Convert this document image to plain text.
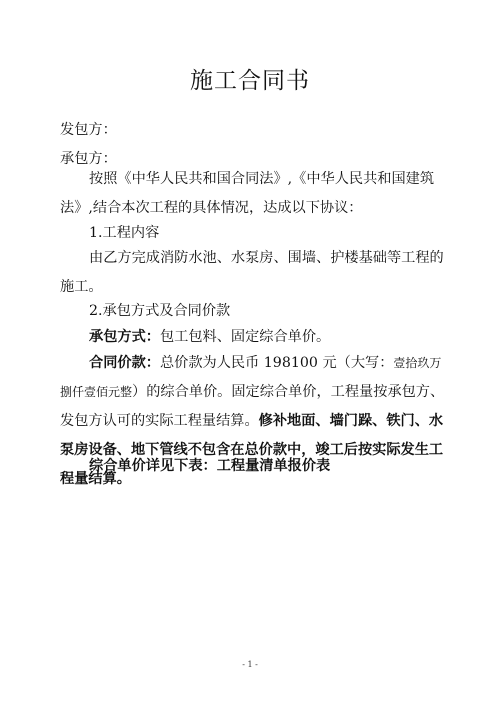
施工合同书

发包方：

承包方：

按照《中华人民共和国合同法》,《中华人民共和国建筑法》,结合本次工程的具体情况，达成以下协议：

1.工程内容

由乙方完成消防水池、水泵房、围墙、护楼基础等工程的施工。

2.承包方式及合同价款

承包方式：包工包料、固定综合单价。

合同价款：总价款为人民币 198100 元（大写：壹拾玖万捌仟壹佰元整）的综合单价。固定综合单价，工程量按承包方、发包方认可的实际工程量结算。修补地面、墙门跺、铁门、水泵房设备、地下管线不包含在总价款中，竣工后按实际发生工程量结算。

综合单价详见下表：工程量清单报价表

- 1 -
